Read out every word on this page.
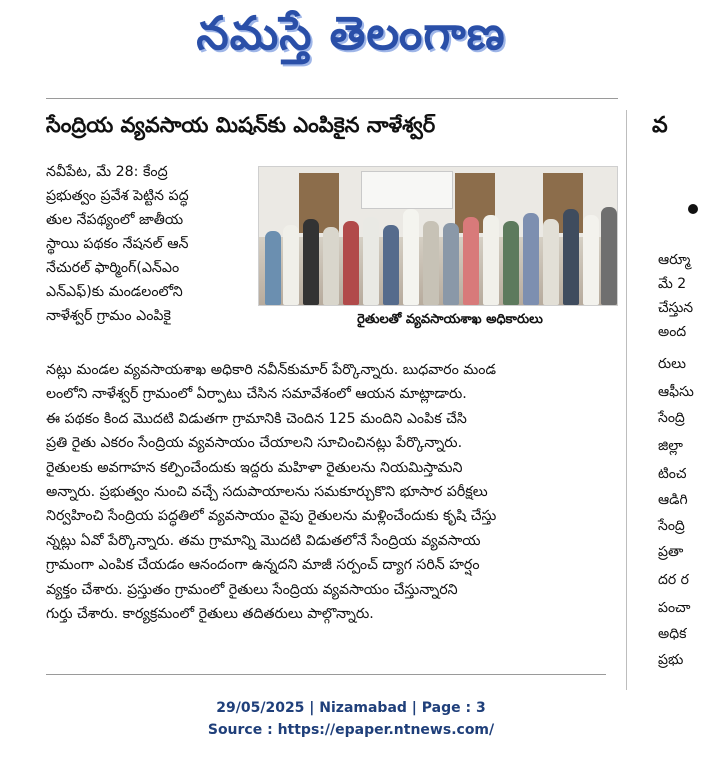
నమస్తే తెలంగాణ
సేంద్రియ వ్యవసాయ మిషన్‌కు ఎంపికైన నాళేశ్వర్
నవీపేట, మే 28: కేంద్ర
ప్రభుత్వం ప్రవేశ పెట్టిన పద్ధ
తుల నేపథ్యంలో జాతీయ
స్థాయి పథకం నేషనల్ ఆన్
నేచురల్ ఫార్మింగ్(ఎన్‌ఎం
ఎన్‌ఎఫ్)కు మండలంలోని
నాళేశ్వర్ గ్రామం ఎంపికై	రైతులతో వ్యవసాయశాఖ అధికారులు
నట్లు మండల వ్యవసాయశాఖ అధికారి నవీన్‌కుమార్ పేర్కొన్నారు. బుధవారం మండ
లంలోని నాళేశ్వర్ గ్రామంలో ఏర్పాటు చేసిన సమావేశంలో ఆయన మాట్లాడారు.
ఈ పథకం కింద మొదటి విడుతగా గ్రామానికి చెందిన 125 మందిని ఎంపిక చేసి
ప్రతి రైతు ఎకరం సేంద్రియ వ్యవసాయం చేయాలని సూచించినట్లు పేర్కొన్నారు.
రైతులకు అవగాహన కల్పించేందుకు ఇద్దరు మహిళా రైతులను నియమిస్తామని
అన్నారు. ప్రభుత్వం నుంచి వచ్చే సదుపాయాలను సమకూర్చుకొని భూసార పరీక్షలు
నిర్వహించి సేంద్రియ పద్ధతిలో వ్యవసాయం వైపు రైతులను మళ్లించేందుకు కృషి చేస్తు
న్నట్లు ఏవో పేర్కొన్నారు. తమ గ్రామాన్ని మొదటి విడుతలోనే సేంద్రియ వ్యవసాయ
గ్రామంగా ఎంపిక చేయడం ఆనందంగా ఉన్నదని మాజీ సర్పంచ్ ద్యాగ సరిన్ హర్షం
వ్యక్తం చేశారు. ప్రస్తుతం గ్రామంలో రైతులు సేంద్రియ వ్యవసాయం చేస్తున్నారని
గుర్తు చేశారు. కార్యక్రమంలో రైతులు తదితరులు పాల్గొన్నారు.
వ
ఆర్మూ
మే 2
చేస్తున
అంద
రులు
ఆఫీసు
సేంద్రి
జిల్లా
టించ
ఆడిగి
సేంద్రి
ప్రతా
దర ర
పంచా
అధిక
ప్రభు
29/05/2025 | Nizamabad | Page : 3
Source : https://epaper.ntnews.com/
